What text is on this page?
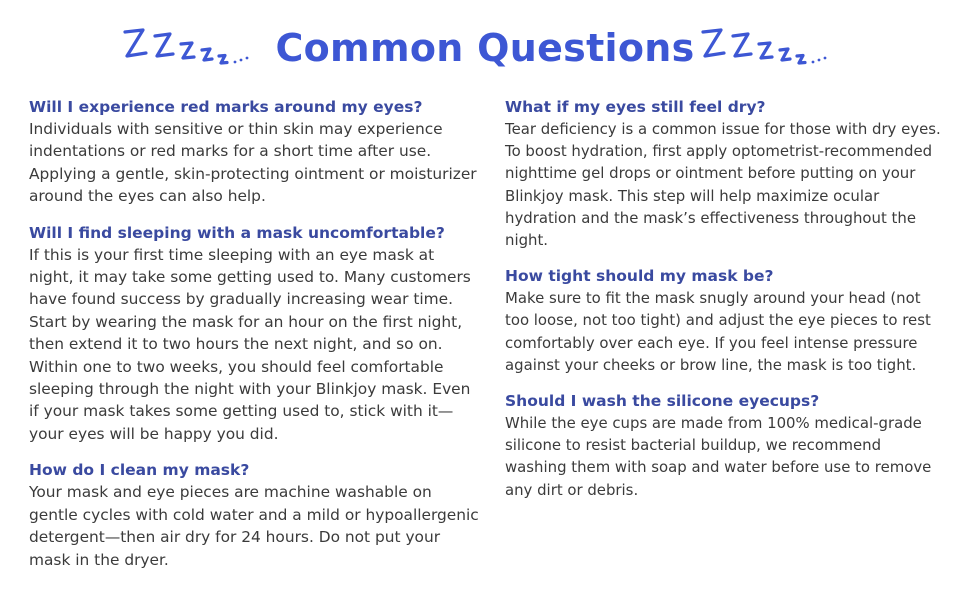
Common Questions

Will I experience red marks around my eyes?

Individuals with sensitive or thin skin may experience indentations or red marks for a short time after use. Applying a gentle, skin-protecting ointment or moisturizer around the eyes can also help.

Will I find sleeping with a mask uncomfortable?

If this is your first time sleeping with an eye mask at night, it may take some getting used to. Many customers have found success by gradually increasing wear time. Start by wearing the mask for an hour on the first night, then extend it to two hours the next night, and so on. Within one to two weeks, you should feel comfortable sleeping through the night with your Blinkjoy mask. Even if your mask takes some getting used to, stick with it—your eyes will be happy you did.

How do I clean my mask?

Your mask and eye pieces are machine washable on gentle cycles with cold water and a mild or hypoallergenic detergent—then air dry for 24 hours. Do not put your mask in the dryer.

What if my eyes still feel dry?

Tear deficiency is a common issue for those with dry eyes. To boost hydration, first apply optometrist-recommended nighttime gel drops or ointment before putting on your Blinkjoy mask. This step will help maximize ocular hydration and the mask’s effectiveness throughout the night.

How tight should my mask be?

Make sure to fit the mask snugly around your head (not too loose, not too tight) and adjust the eye pieces to rest comfortably over each eye. If you feel intense pressure against your cheeks or brow line, the mask is too tight.

Should I wash the silicone eyecups?

While the eye cups are made from 100% medical-grade silicone to resist bacterial buildup, we recommend washing them with soap and water before use to remove any dirt or debris.
